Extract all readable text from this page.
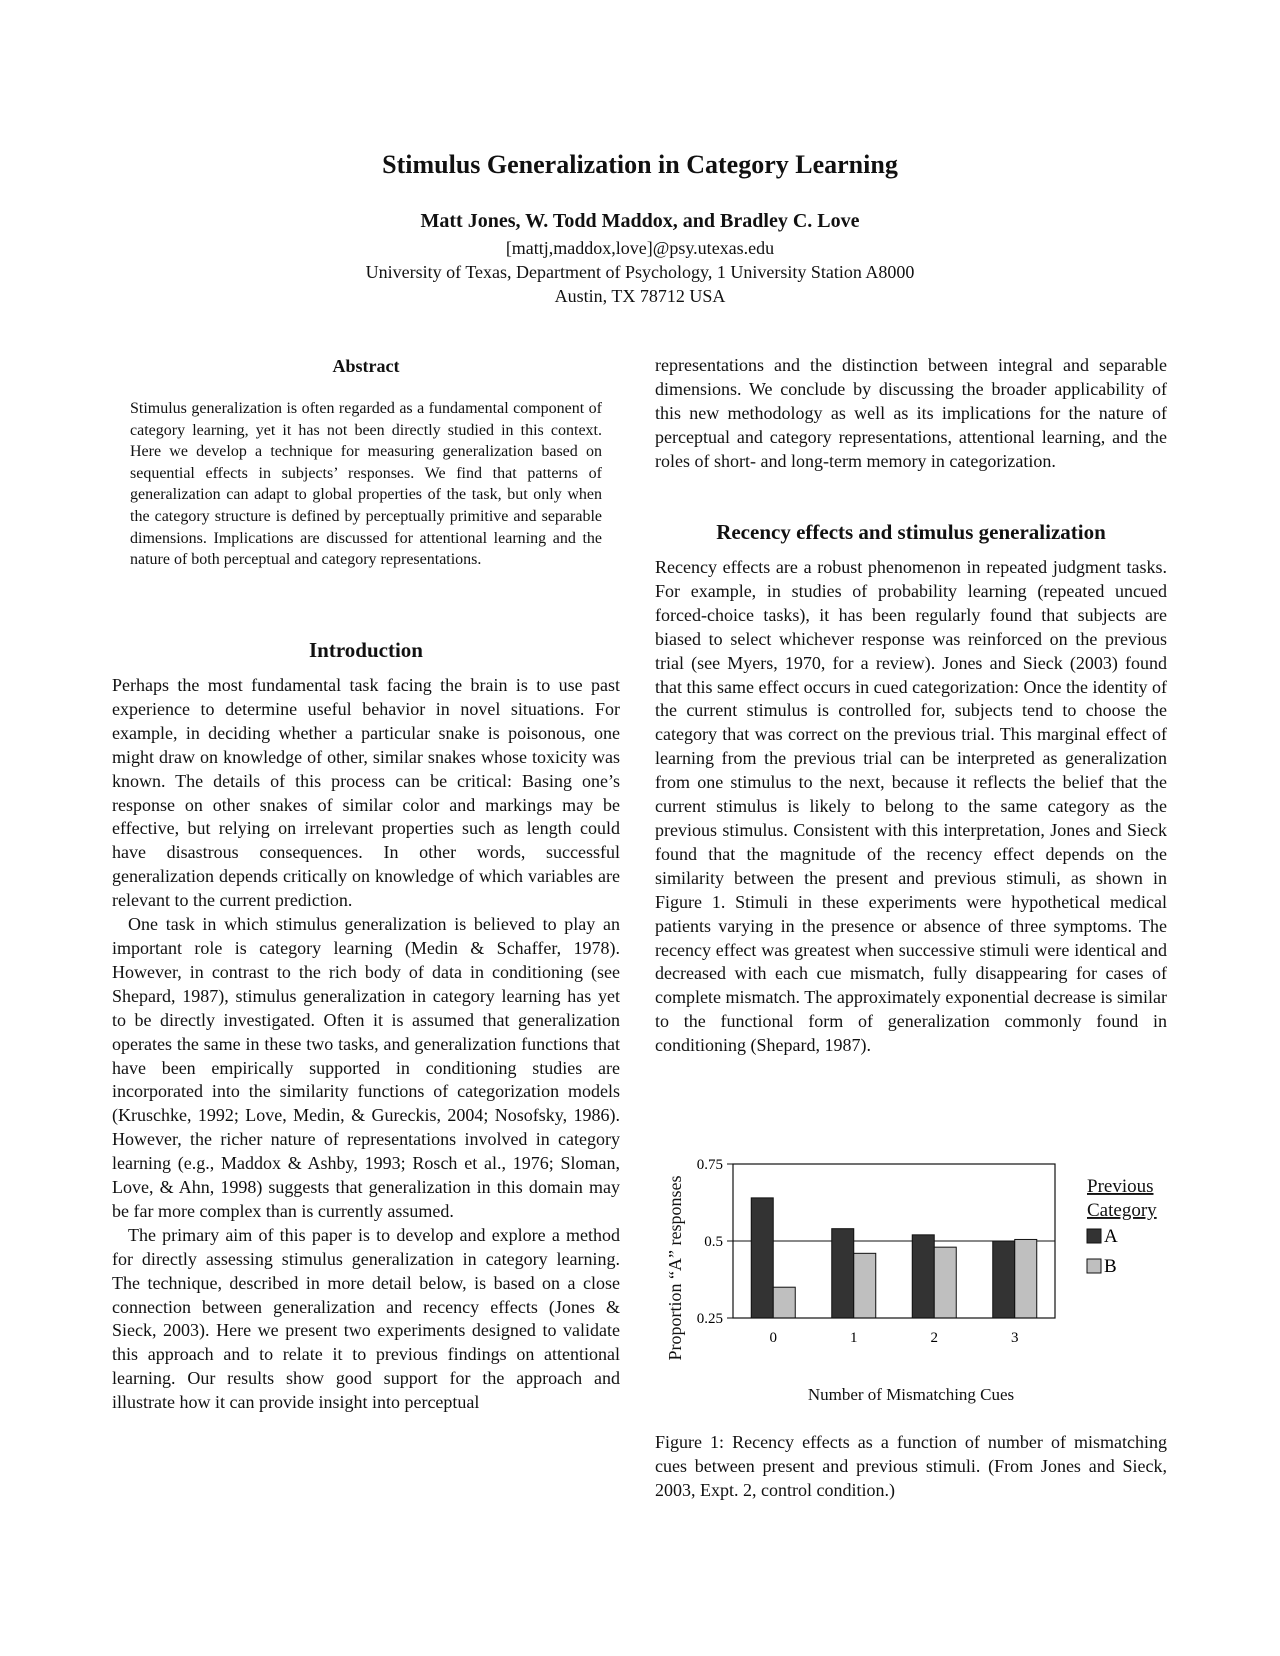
Stimulus Generalization in Category Learning
Matt Jones, W. Todd Maddox, and Bradley C. Love
[mattj,maddox,love]@psy.utexas.edu
University of Texas, Department of Psychology, 1 University Station A8000
Austin, TX 78712 USA
Abstract
Stimulus generalization is often regarded as a fundamental component of category learning, yet it has not been directly studied in this context. Here we develop a technique for measuring generalization based on sequential effects in subjects’ responses. We find that patterns of generalization can adapt to global properties of the task, but only when the category structure is defined by perceptually primitive and separable dimensions. Implications are discussed for attentional learning and the nature of both perceptual and category representations.
Introduction

Perhaps the most fundamental task facing the brain is to use past experience to determine useful behavior in novel situations. For example, in deciding whether a particular snake is poisonous, one might draw on knowledge of other, similar snakes whose toxicity was known. The details of this process can be critical: Basing one’s response on other snakes of similar color and markings may be effective, but relying on irrelevant properties such as length could have disastrous consequences. In other words, successful generalization depends critically on knowledge of which variables are relevant to the current prediction.

One task in which stimulus generalization is believed to play an important role is category learning (Medin & Schaffer, 1978). However, in contrast to the rich body of data in conditioning (see Shepard, 1987), stimulus generalization in category learning has yet to be directly investigated. Often it is assumed that generalization operates the same in these two tasks, and generalization functions that have been empirically supported in conditioning studies are incorporated into the similarity functions of categorization models (Kruschke, 1992; Love, Medin, & Gureckis, 2004; Nosofsky, 1986). However, the richer nature of representations involved in category learning (e.g., Maddox & Ashby, 1993; Rosch et al., 1976; Sloman, Love, & Ahn, 1998) suggests that generalization in this domain may be far more complex than is currently assumed.

The primary aim of this paper is to develop and explore a method for directly assessing stimulus generalization in category learning. The technique, described in more detail below, is based on a close connection between generalization and recency effects (Jones & Sieck, 2003). Here we present two experiments designed to validate this approach and to relate it to previous findings on attentional learning. Our results show good support for the approach and illustrate how it can provide insight into perceptual

representations and the distinction between integral and separable dimensions. We conclude by discussing the broader applicability of this new methodology as well as its implications for the nature of perceptual and category representations, attentional learning, and the roles of short- and long-term memory in categorization.

Recency effects and stimulus generalization

Recency effects are a robust phenomenon in repeated judgment tasks. For example, in studies of probability learning (repeated uncued forced-choice tasks), it has been regularly found that subjects are biased to select whichever response was reinforced on the previous trial (see Myers, 1970, for a review). Jones and Sieck (2003) found that this same effect occurs in cued categorization: Once the identity of the current stimulus is controlled for, subjects tend to choose the category that was correct on the previous trial. This marginal effect of learning from the previous trial can be interpreted as generalization from one stimulus to the next, because it reflects the belief that the current stimulus is likely to belong to the same category as the previous stimulus. Consistent with this interpretation, Jones and Sieck found that the magnitude of the recency effect depends on the similarity between the present and previous stimuli, as shown in Figure 1. Stimuli in these experiments were hypothetical medical patients varying in the presence or absence of three symptoms. The recency effect was greatest when successive stimuli were identical and decreased with each cue mismatch, fully disappearing for cases of complete mismatch. The approximately exponential decrease is similar to the functional form of generalization commonly found in conditioning (Shepard, 1987).

Proportion “A” responses
0.75
0.5
0.25
0	1	2	3
Number of Mismatching Cues
Previous
Category
A
B
Figure 1: Recency effects as a function of number of mismatching cues between present and previous stimuli. (From Jones and Sieck, 2003, Expt. 2, control condition.)
